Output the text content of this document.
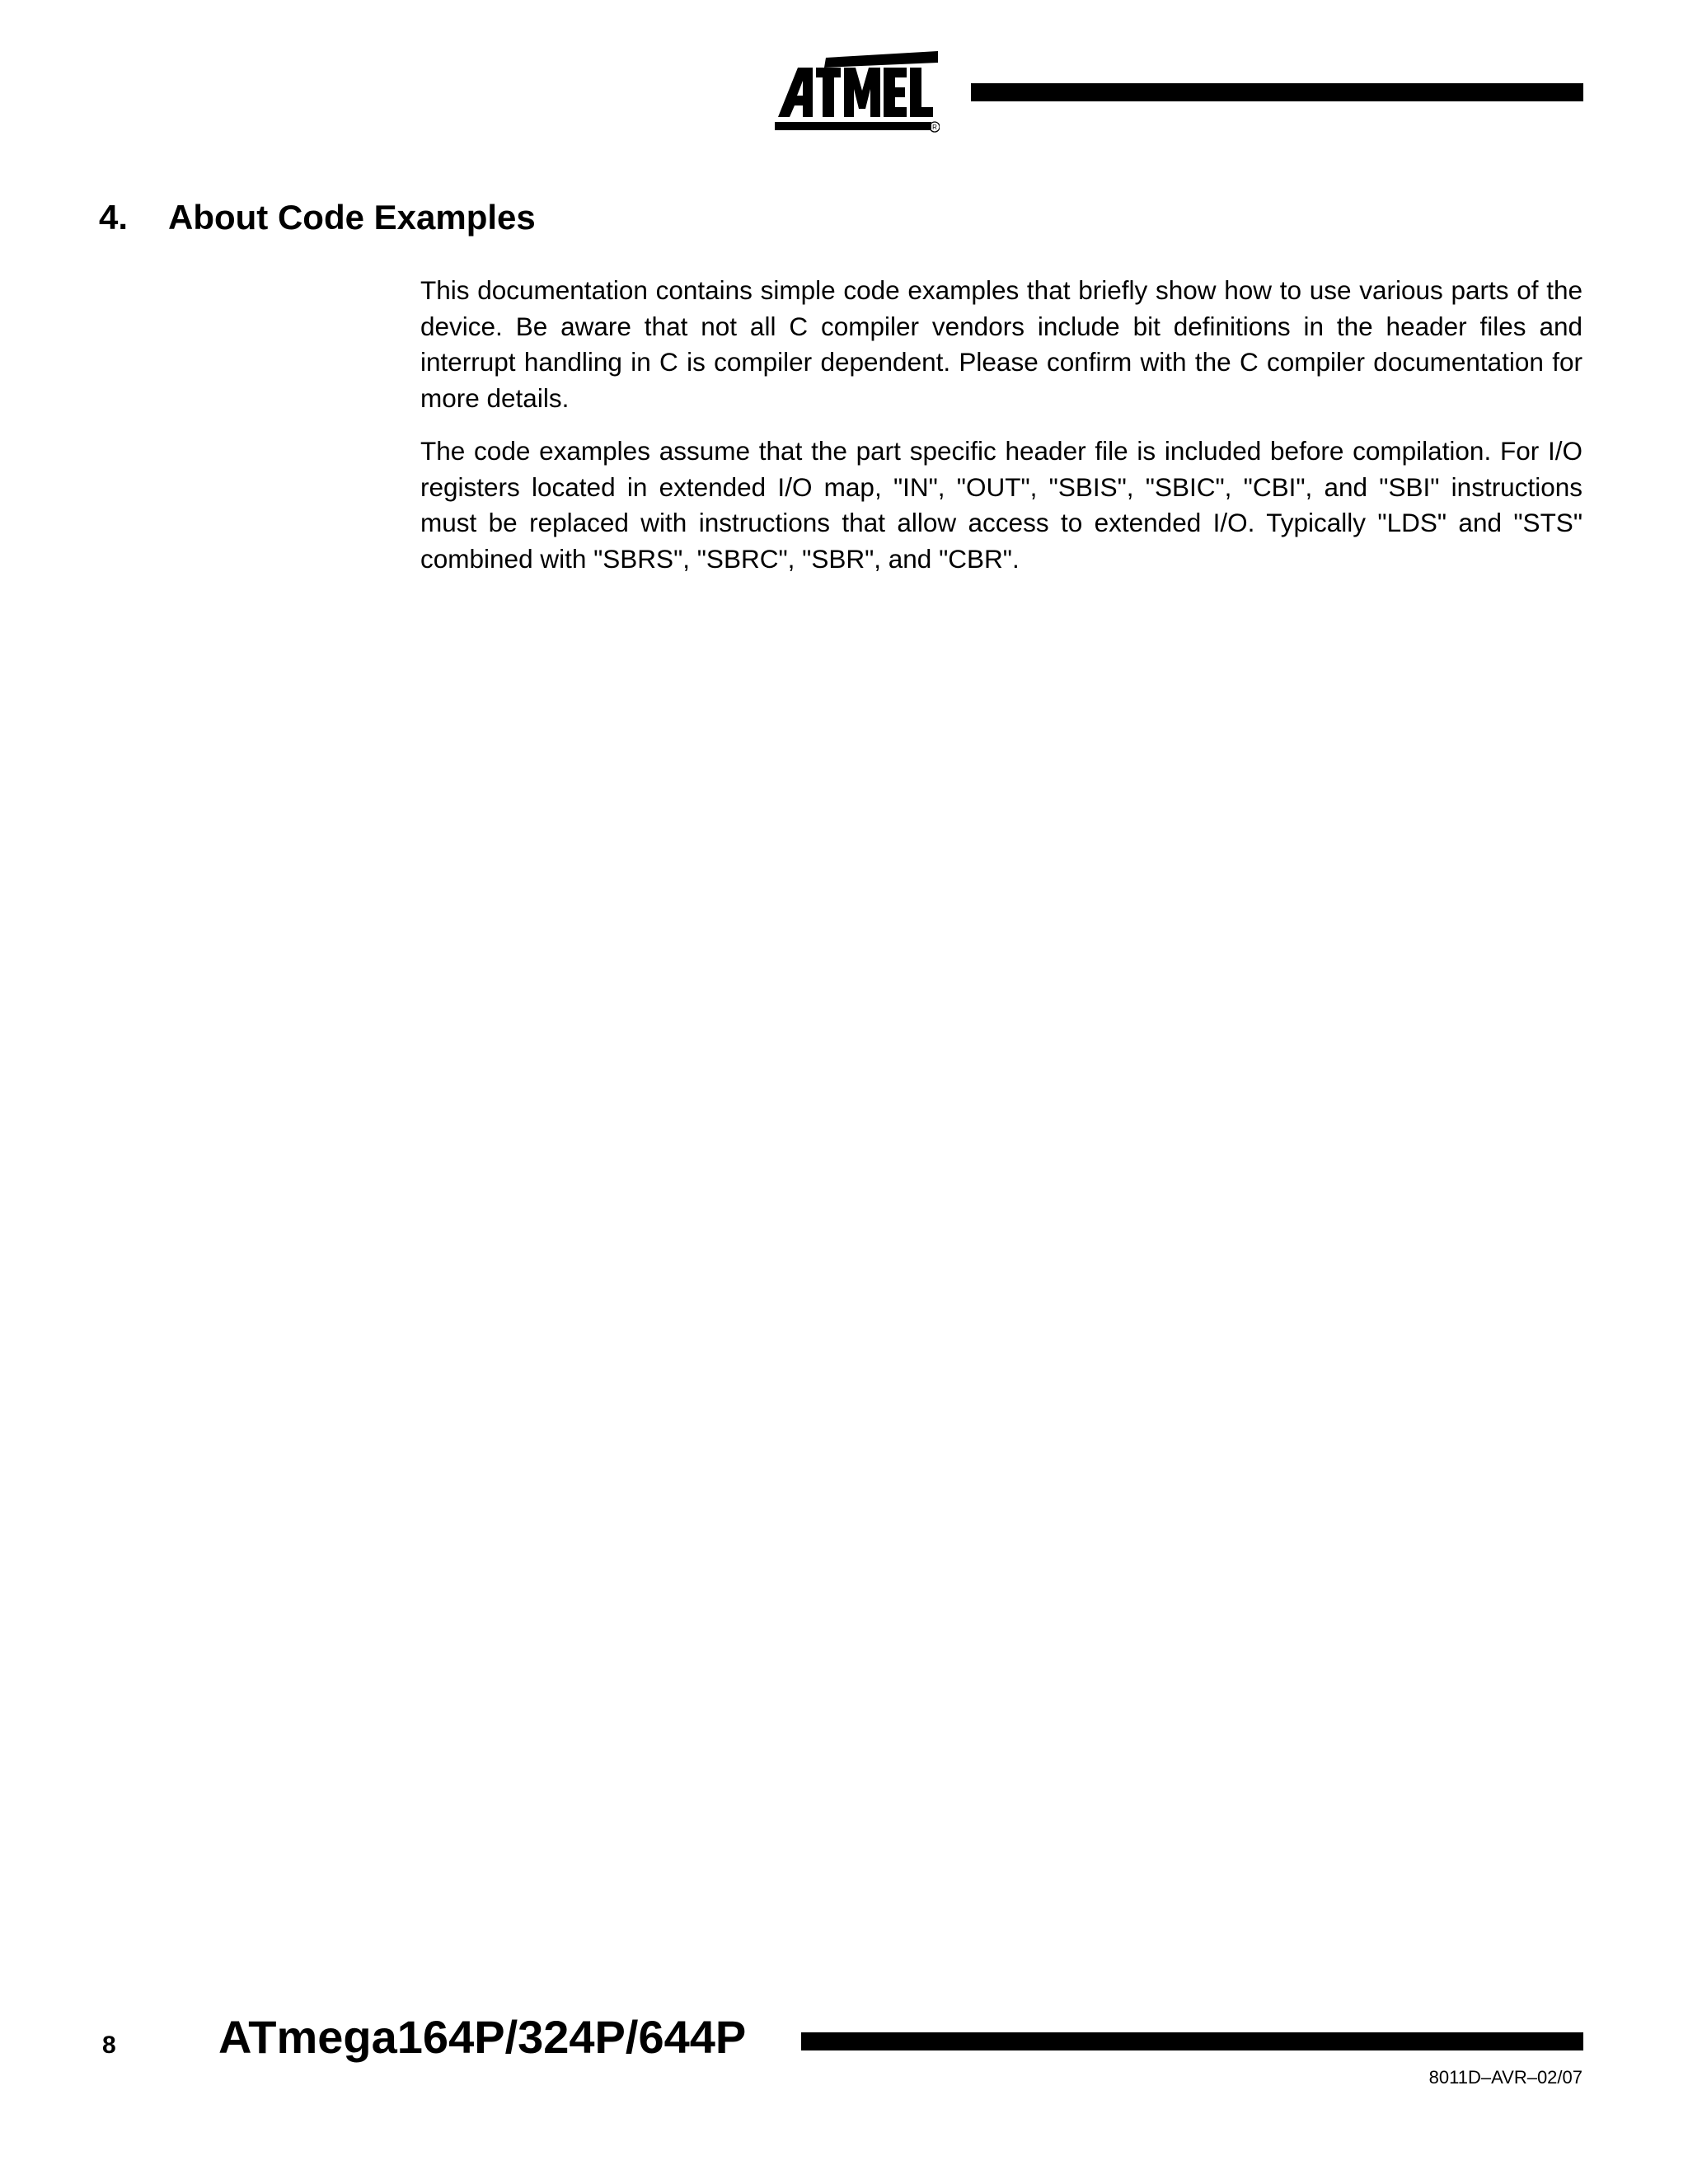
R
4. About Code Examples

This documentation contains simple code examples that briefly show how to use various parts of the device. Be aware that not all C compiler vendors include bit definitions in the header files and interrupt handling in C is compiler dependent. Please confirm with the C compiler documentation for more details.

The code examples assume that the part specific header file is included before compilation. For I/O registers located in extended I/O map, "IN", "OUT", "SBIS", "SBIC", "CBI", and "SBI" instructions must be replaced with instructions that allow access to extended I/O. Typically "LDS" and "STS" combined with "SBRS", "SBRC", "SBR", and "CBR".

8 ATmega164P/324P/644P
8011D–AVR–02/07
